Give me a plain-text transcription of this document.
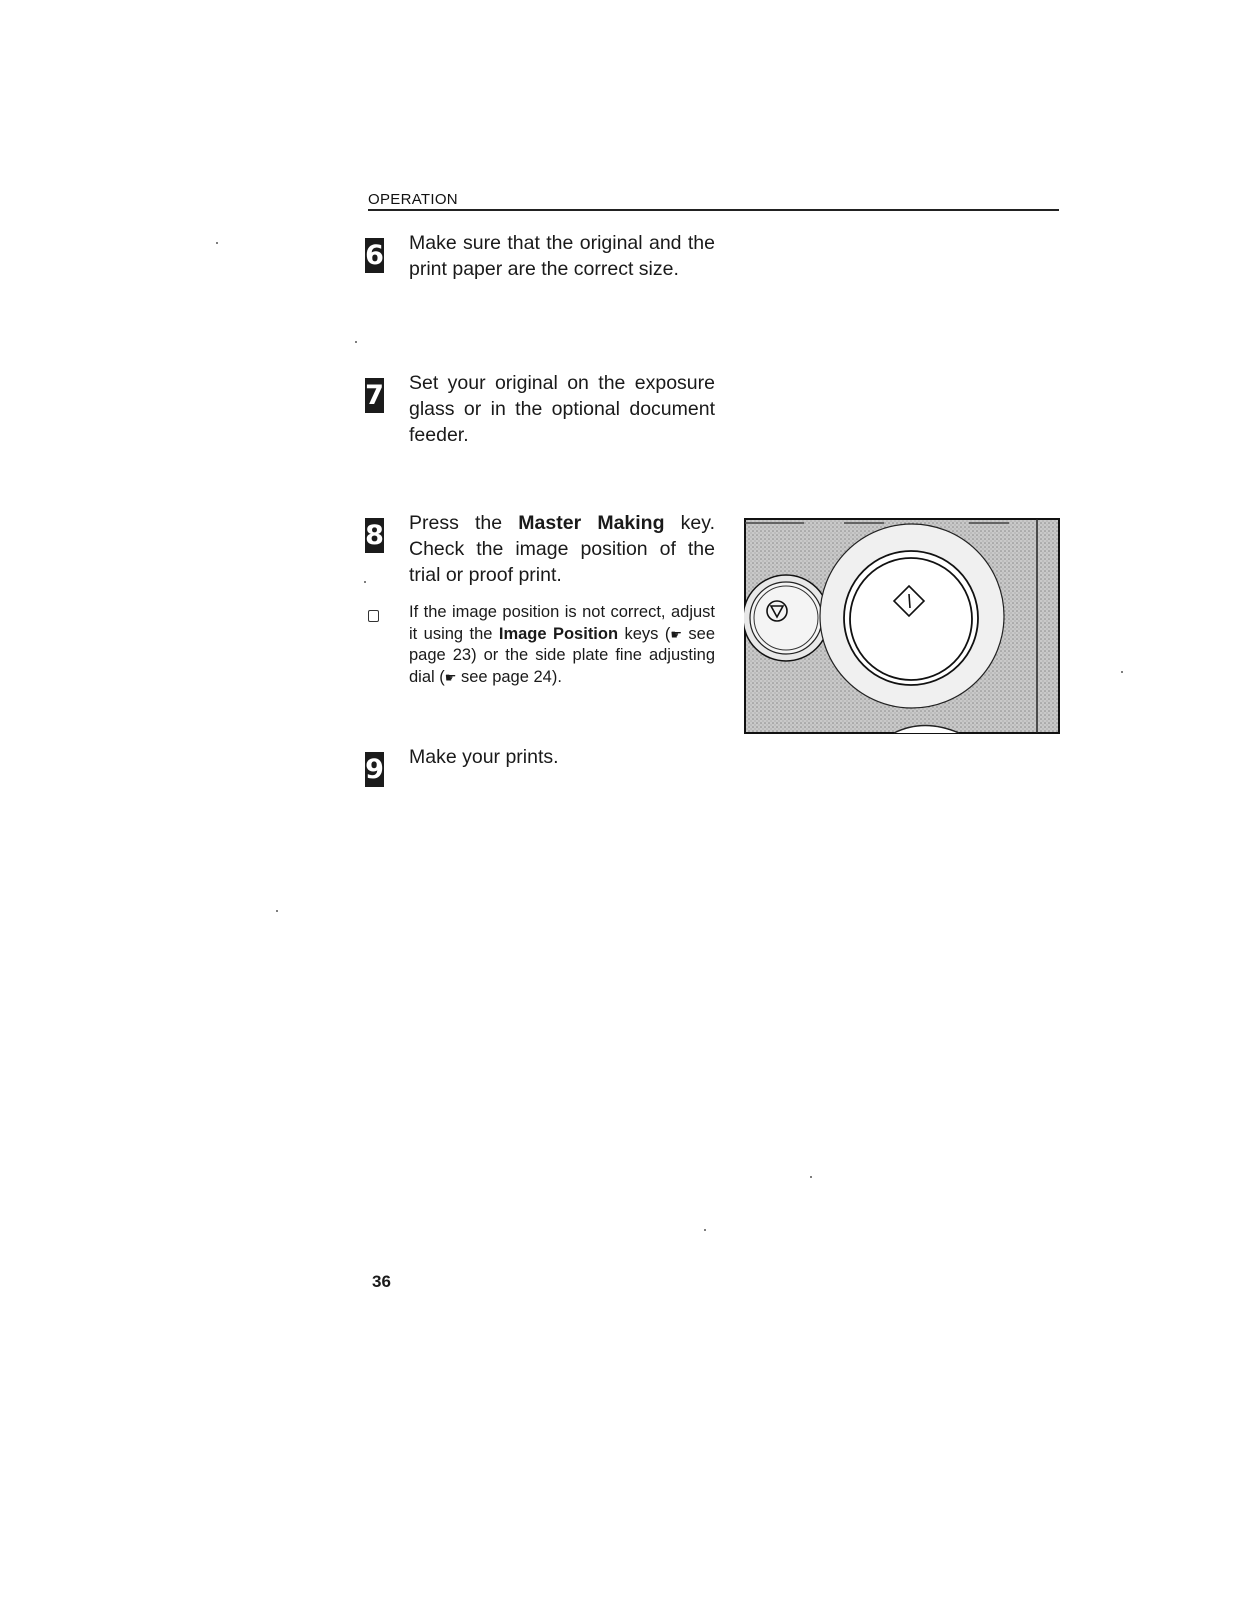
OPERATION
6 Make sure that the original and the print paper are the correct size.
7 Set your original on the exposure glass or in the optional document feeder.
8 Press the Master Making key. Check the image position of the trial or proof print.
If the image position is not correct, adjust it using the Image Position keys (☛ see page 23) or the side plate fine adjusting dial (☛ see page 24).
9 Make your prints.
36
